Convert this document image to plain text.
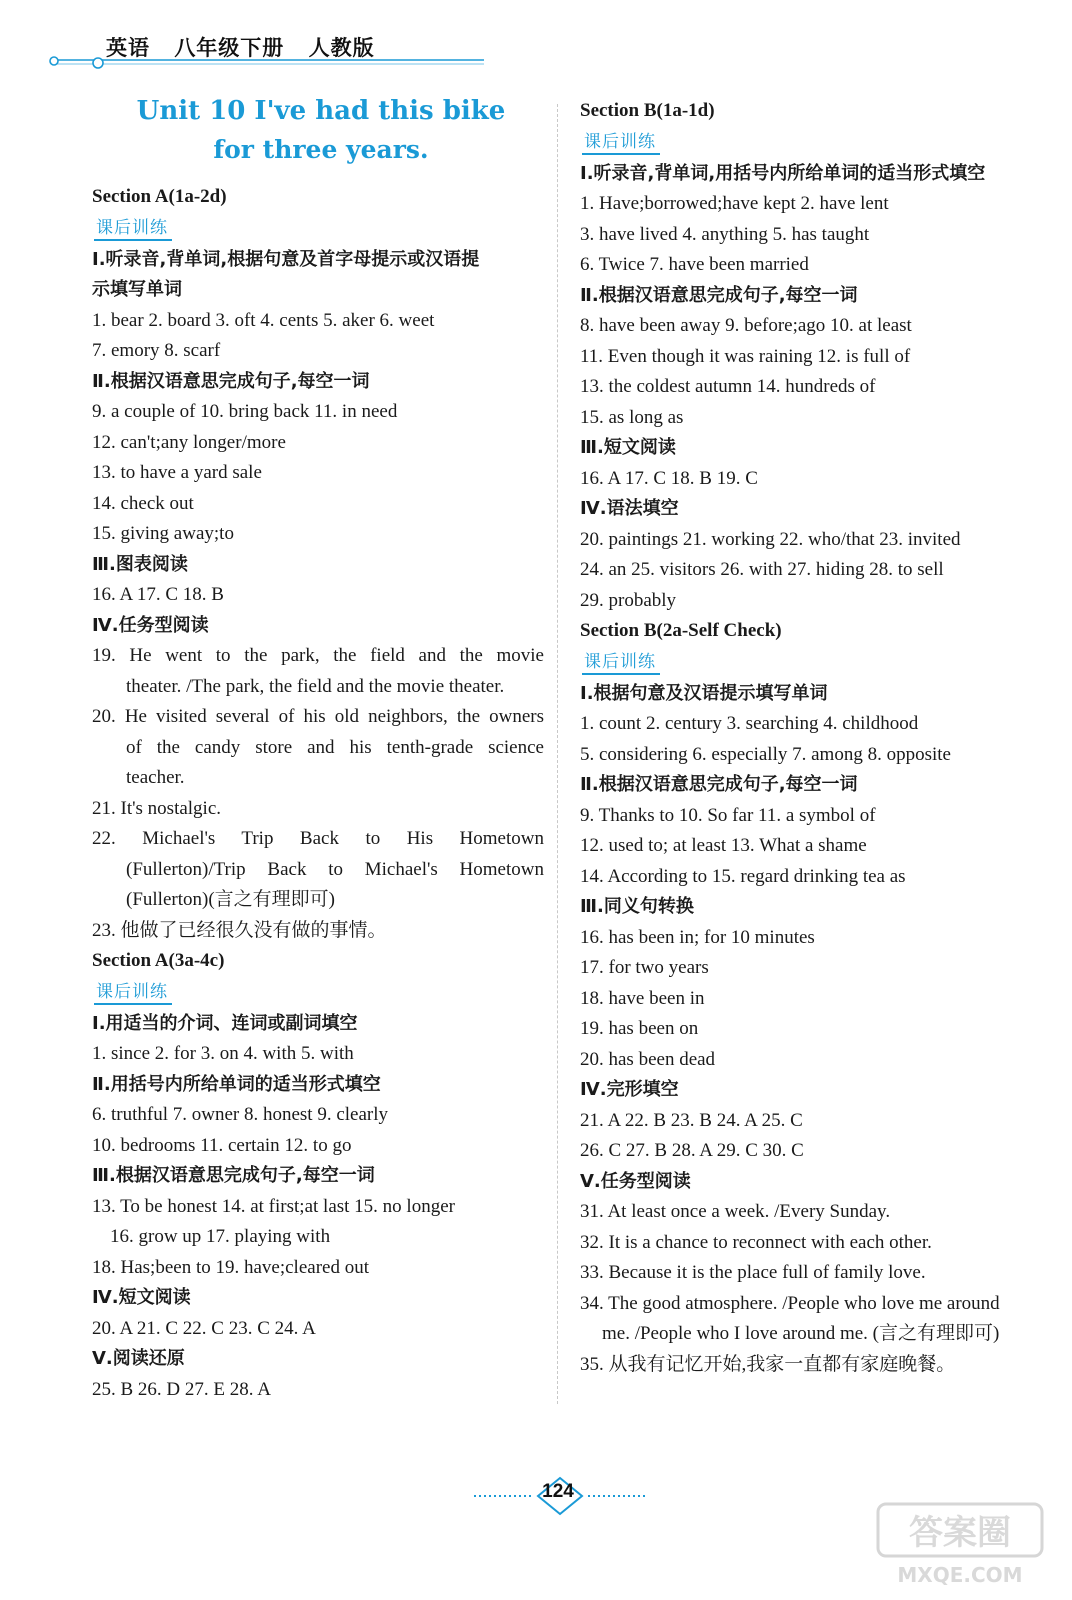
英语 八年级下册 人教版
Unit 10 I've had this bike
for three years.
Section A(1a-2d)
课后训练
Ⅰ.听录音,背单词,根据句意及首字母提示或汉语提
示填写单词
1. bear 2. board 3. oft 4. cents 5. aker 6. weet
7. emory 8. scarf
Ⅱ.根据汉语意思完成句子,每空一词
9. a couple of 10. bring back 11. in need
12. can't;any longer/more
13. to have a yard sale
14. check out
15. giving away;to
Ⅲ.图表阅读
16. A 17. C 18. B
Ⅳ.任务型阅读
19. He went to the park, the field and the movie
theater. /The park, the field and the movie theater.
20. He visited several of his old neighbors, the owners
of the candy store and his tenth-grade science
teacher.
21. It's nostalgic.
22. Michael's Trip Back to His Hometown
(Fullerton)/Trip Back to Michael's Hometown
(Fullerton)(言之有理即可)
23. 他做了已经很久没有做的事情。
Section A(3a-4c)
课后训练
Ⅰ.用适当的介词、连词或副词填空
1. since 2. for 3. on 4. with 5. with
Ⅱ.用括号内所给单词的适当形式填空
6. truthful 7. owner 8. honest 9. clearly
10. bedrooms 11. certain 12. to go
Ⅲ.根据汉语意思完成句子,每空一词
13. To be honest 14. at first;at last 15. no longer
16. grow up 17. playing with
18. Has;been to 19. have;cleared out
Ⅳ.短文阅读
20. A 21. C 22. C 23. C 24. A
Ⅴ.阅读还原
25. B 26. D 27. E 28. A
Section B(1a-1d)
课后训练
Ⅰ.听录音,背单词,用括号内所给单词的适当形式填空
1. Have;borrowed;have kept 2. have lent
3. have lived 4. anything 5. has taught
6. Twice 7. have been married
Ⅱ.根据汉语意思完成句子,每空一词
8. have been away 9. before;ago 10. at least
11. Even though it was raining 12. is full of
13. the coldest autumn 14. hundreds of
15. as long as
Ⅲ.短文阅读
16. A 17. C 18. B 19. C
Ⅳ.语法填空
20. paintings 21. working 22. who/that 23. invited
24. an 25. visitors 26. with 27. hiding 28. to sell
29. probably
Section B(2a-Self Check)
课后训练
Ⅰ.根据句意及汉语提示填写单词
1. count 2. century 3. searching 4. childhood
5. considering 6. especially 7. among 8. opposite
Ⅱ.根据汉语意思完成句子,每空一词
9. Thanks to 10. So far 11. a symbol of
12. used to; at least 13. What a shame
14. According to 15. regard drinking tea as
Ⅲ.同义句转换
16. has been in; for 10 minutes
17. for two years
18. have been in
19. has been on
20. has been dead
Ⅳ.完形填空
21. A 22. B 23. B 24. A 25. C
26. C 27. B 28. A 29. C 30. C
Ⅴ.任务型阅读
31. At least once a week. /Every Sunday.
32. It is a chance to reconnect with each other.
33. Because it is the place full of family love.
34. The good atmosphere. /People who love me around
me. /People who I love around me. (言之有理即可)
35. 从我有记忆开始,我家一直都有家庭晚餐。
124
答案圈
MXQE.COM
